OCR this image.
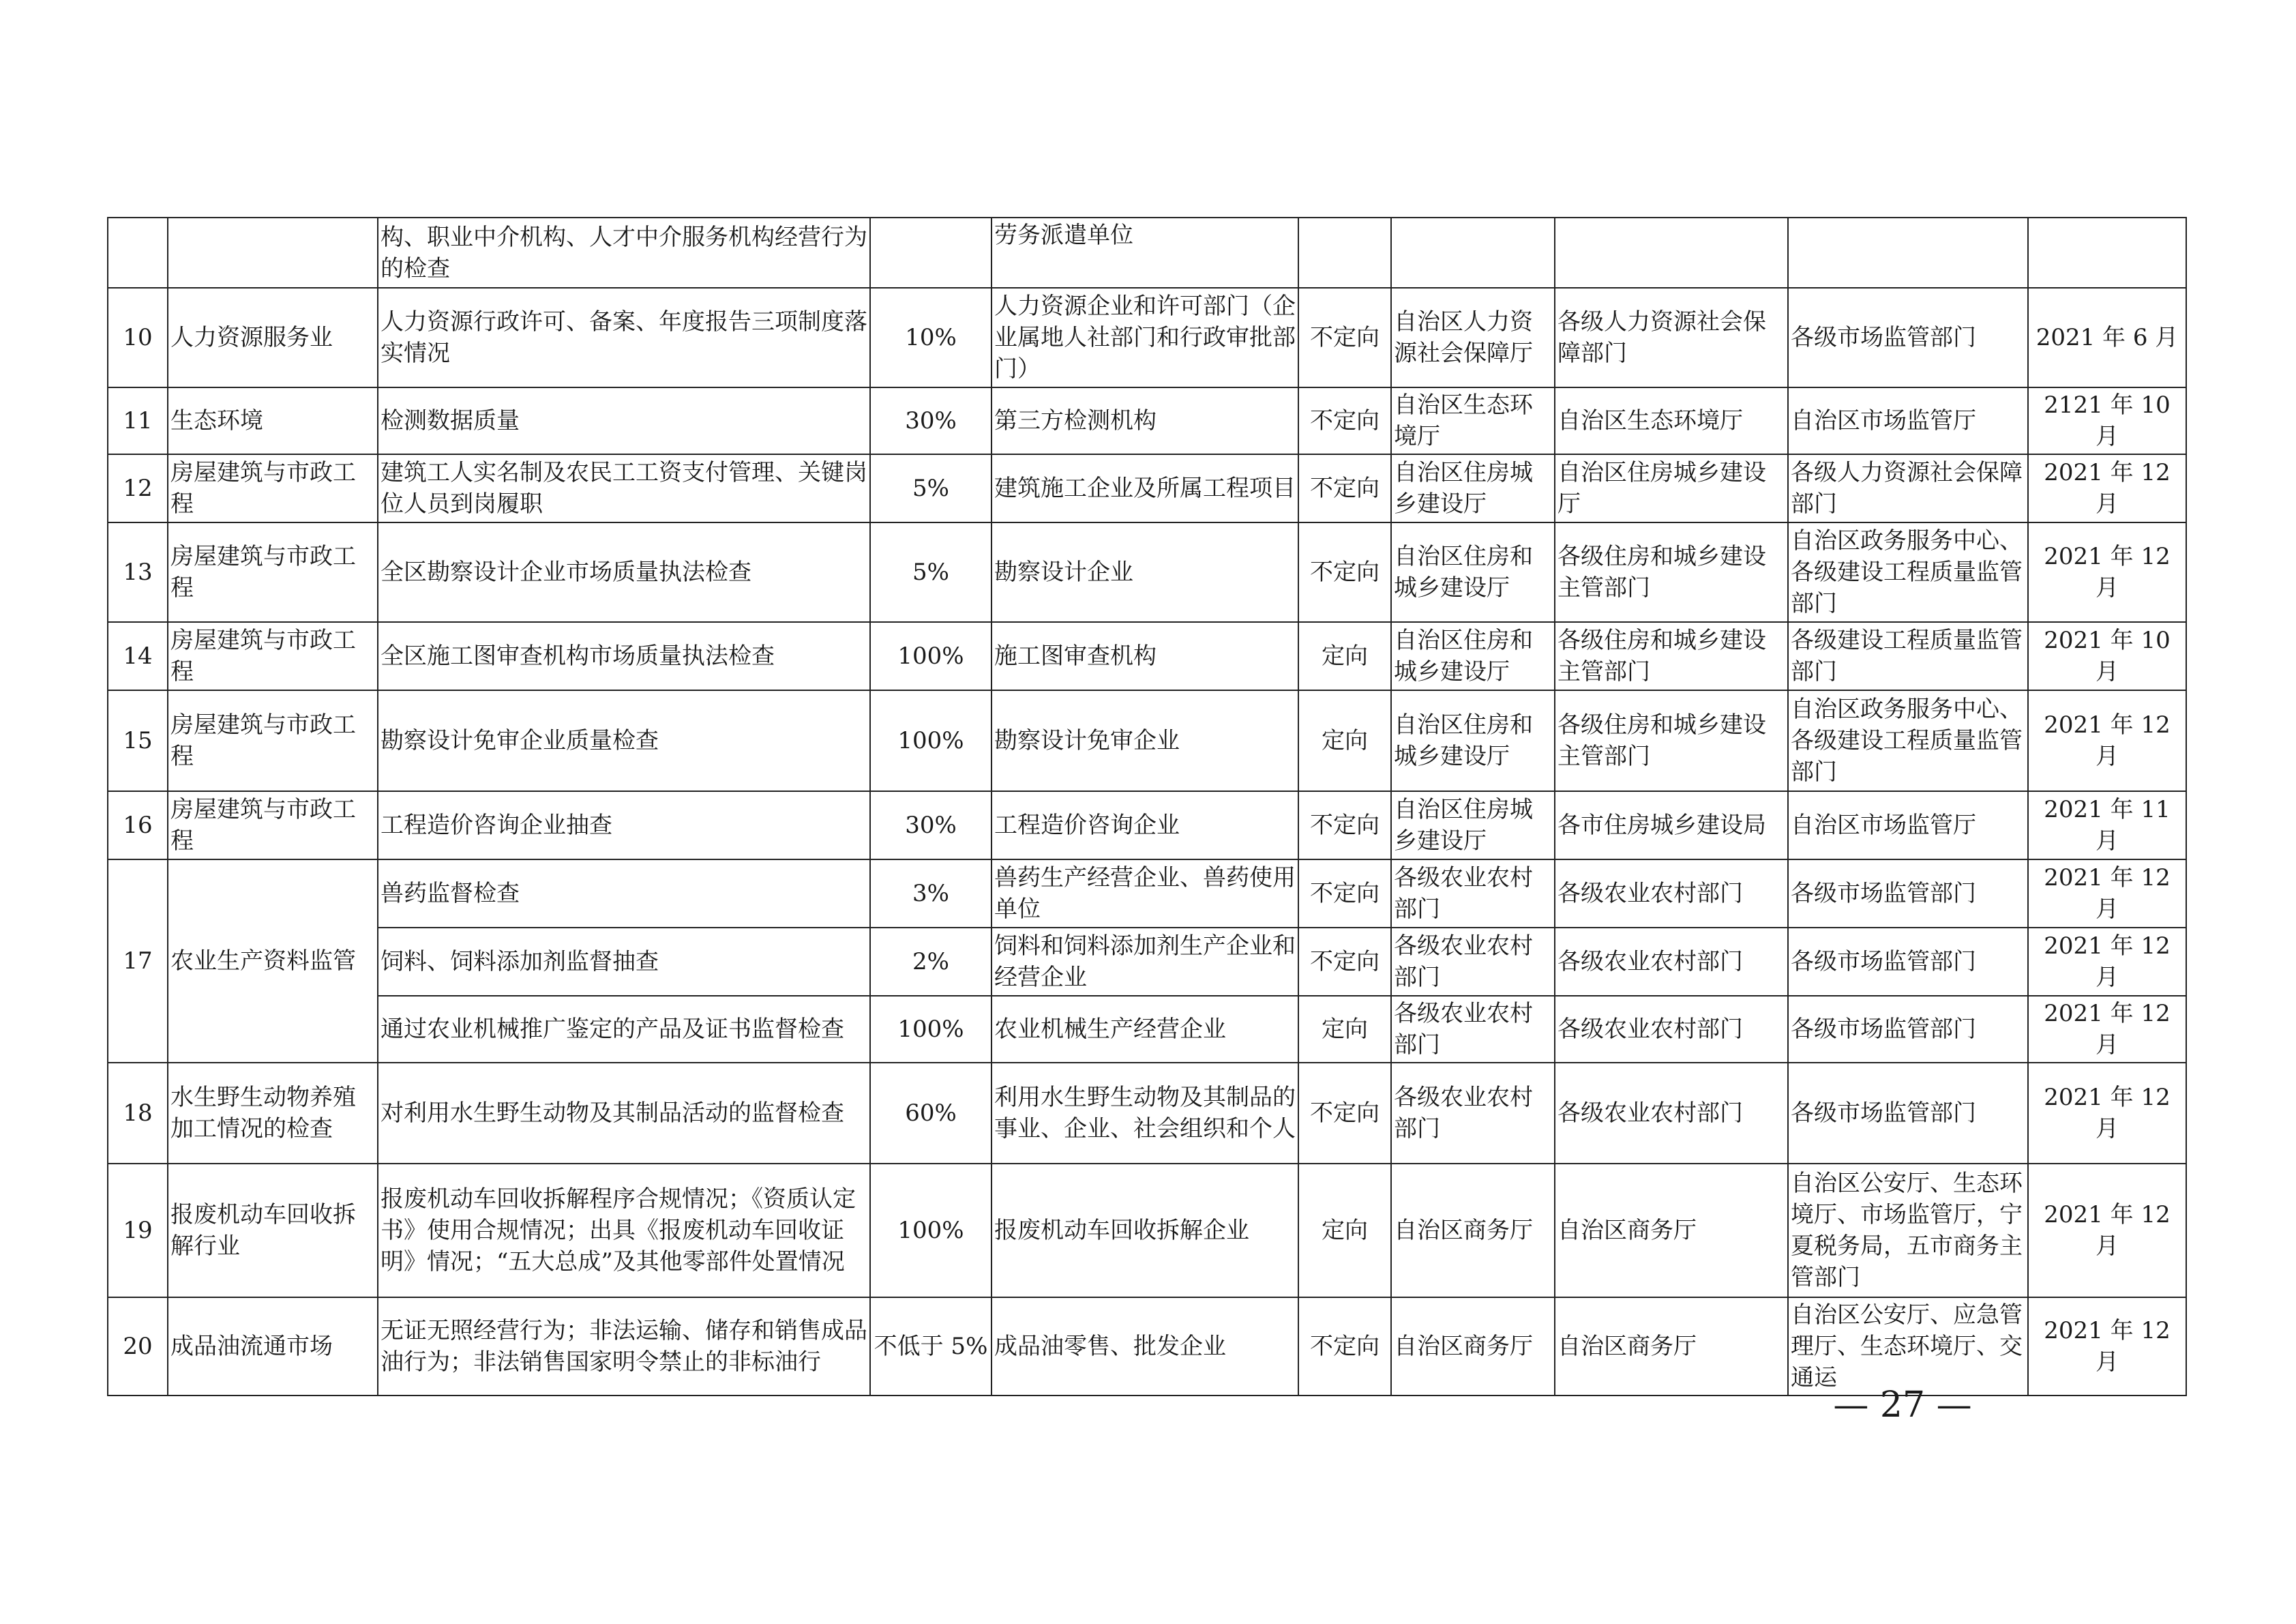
		构、职业中介机构、人才中介服务机构经营行为的检查		劳务派遣单位					
10	人力资源服务业	人力资源行政许可、备案、年度报告三项制度落实情况	10%	人力资源企业和许可部门（企业属地人社部门和行政审批部门）	不定向	自治区人力资源社会保障厅	各级人力资源社会保障部门	各级市场监管部门	2021 年 6 月
11	生态环境	检测数据质量	30%	第三方检测机构	不定向	自治区生态环境厅	自治区生态环境厅	自治区市场监管厅	2121 年 10 月
12	房屋建筑与市政工程	建筑工人实名制及农民工工资支付管理、关键岗位人员到岗履职	5%	建筑施工企业及所属工程项目	不定向	自治区住房城乡建设厅	自治区住房城乡建设厅	各级人力资源社会保障部门	2021 年 12 月
13	房屋建筑与市政工程	全区勘察设计企业市场质量执法检查	5%	勘察设计企业	不定向	自治区住房和城乡建设厅	各级住房和城乡建设主管部门	自治区政务服务中心、各级建设工程质量监管部门	2021 年 12 月
14	房屋建筑与市政工程	全区施工图审查机构市场质量执法检查	100%	施工图审查机构	定向	自治区住房和城乡建设厅	各级住房和城乡建设主管部门	各级建设工程质量监管部门	2021 年 10 月
15	房屋建筑与市政工程	勘察设计免审企业质量检查	100%	勘察设计免审企业	定向	自治区住房和城乡建设厅	各级住房和城乡建设主管部门	自治区政务服务中心、各级建设工程质量监管部门	2021 年 12 月
16	房屋建筑与市政工程	工程造价咨询企业抽查	30%	工程造价咨询企业	不定向	自治区住房城乡建设厅	各市住房城乡建设局	自治区市场监管厅	2021 年 11 月
17	农业生产资料监管	兽药监督检查	3%	兽药生产经营企业、兽药使用单位	不定向	各级农业农村部门	各级农业农村部门	各级市场监管部门	2021 年 12 月
		饲料、饲料添加剂监督抽查	2%	饲料和饲料添加剂生产企业和经营企业	不定向	各级农业农村部门	各级农业农村部门	各级市场监管部门	2021 年 12 月
		通过农业机械推广鉴定的产品及证书监督检查	100%	农业机械生产经营企业	定向	各级农业农村部门	各级农业农村部门	各级市场监管部门	2021 年 12 月
18	水生野生动物养殖加工情况的检查	对利用水生野生动物及其制品活动的监督检查	60%	利用水生野生动物及其制品的事业、企业、社会组织和个人	不定向	各级农业农村部门	各级农业农村部门	各级市场监管部门	2021 年 12 月
19	报废机动车回收拆解行业	报废机动车回收拆解程序合规情况；《资质认定书》使用合规情况；出具《报废机动车回收证明》情况；“五大总成”及其他零部件处置情况	100%	报废机动车回收拆解企业	定向	自治区商务厅	自治区商务厅	自治区公安厅、生态环境厅、市场监管厅，宁夏税务局，五市商务主管部门	2021 年 12 月
20	成品油流通市场	无证无照经营行为；非法运输、储存和销售成品油行为；非法销售国家明令禁止的非标油行	不低于 5%	成品油零售、批发企业	不定向	自治区商务厅	自治区商务厅	自治区公安厅、应急管理厅、生态环境厅、交通运	2021 年 12 月
— 27 —
